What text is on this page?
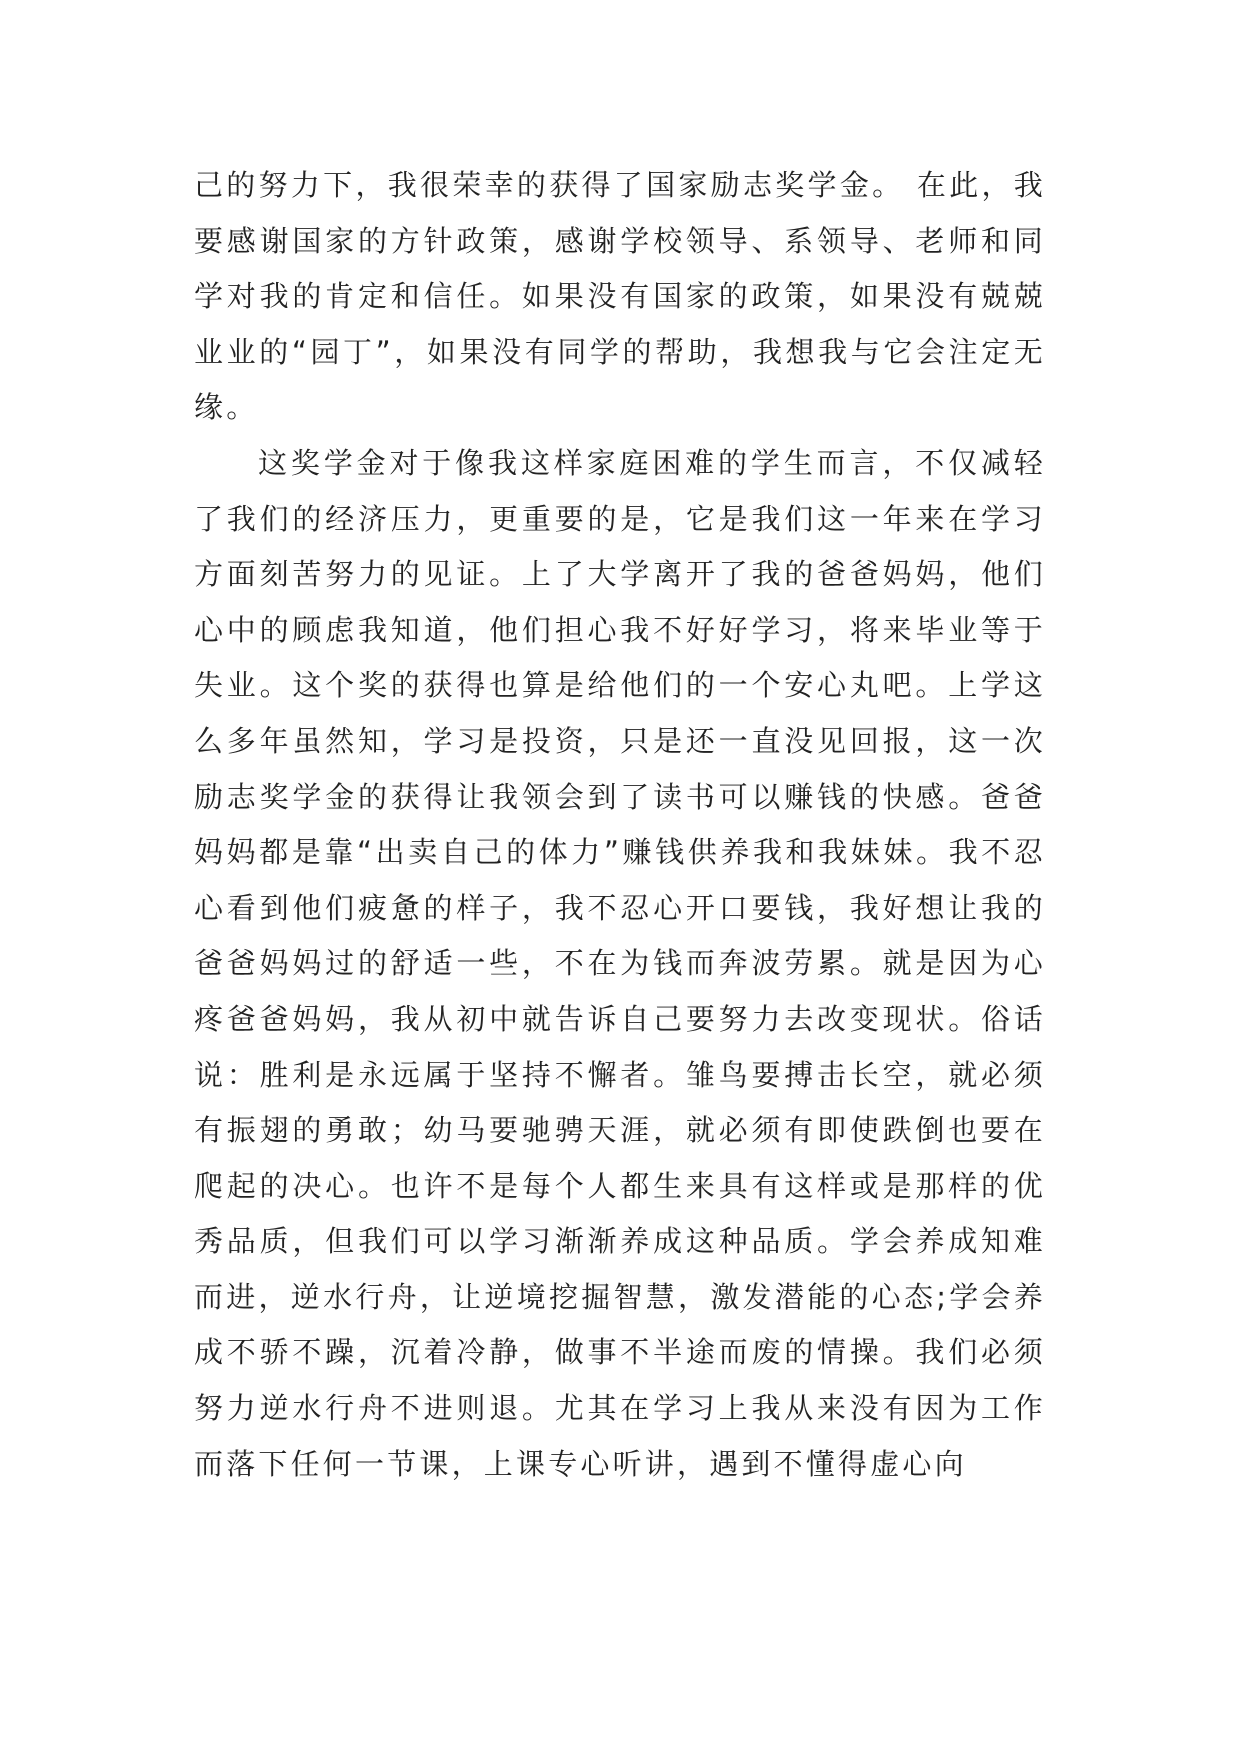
己的努力下，我很荣幸的获得了国家励志奖学金。 在此，我要感谢国家的方针政策，感谢学校领导、系领导、老师和同学对我的肯定和信任。如果没有国家的政策，如果没有兢兢业业的“园丁”，如果没有同学的帮助，我想我与它会注定无缘。

这奖学金对于像我这样家庭困难的学生而言，不仅减轻了我们的经济压力，更重要的是，它是我们这一年来在学习方面刻苦努力的见证。上了大学离开了我的爸爸妈妈，他们心中的顾虑我知道，他们担心我不好好学习，将来毕业等于失业。这个奖的获得也算是给他们的一个安心丸吧。上学这么多年虽然知，学习是投资，只是还一直没见回报，这一次励志奖学金的获得让我领会到了读书可以赚钱的快感。爸爸妈妈都是靠“出卖自己的体力”赚钱供养我和我妹妹。我不忍心看到他们疲惫的样子，我不忍心开口要钱，我好想让我的爸爸妈妈过的舒适一些，不在为钱而奔波劳累。就是因为心疼爸爸妈妈，我从初中就告诉自己要努力去改变现状。俗话说：胜利是永远属于坚持不懈者。雏鸟要搏击长空，就必须有振翅的勇敢；幼马要驰骋天涯，就必须有即使跌倒也要在爬起的决心。也许不是每个人都生来具有这样或是那样的优秀品质，但我们可以学习渐渐养成这种品质。学会养成知难而进，逆水行舟，让逆境挖掘智慧，激发潜能的心态;学会养成不骄不躁，沉着冷静，做事不半途而废的情操。我们必须努力逆水行舟不进则退。尤其在学习上我从来没有因为工作而落下任何一节课，上课专心听讲，遇到不懂得虚心向
